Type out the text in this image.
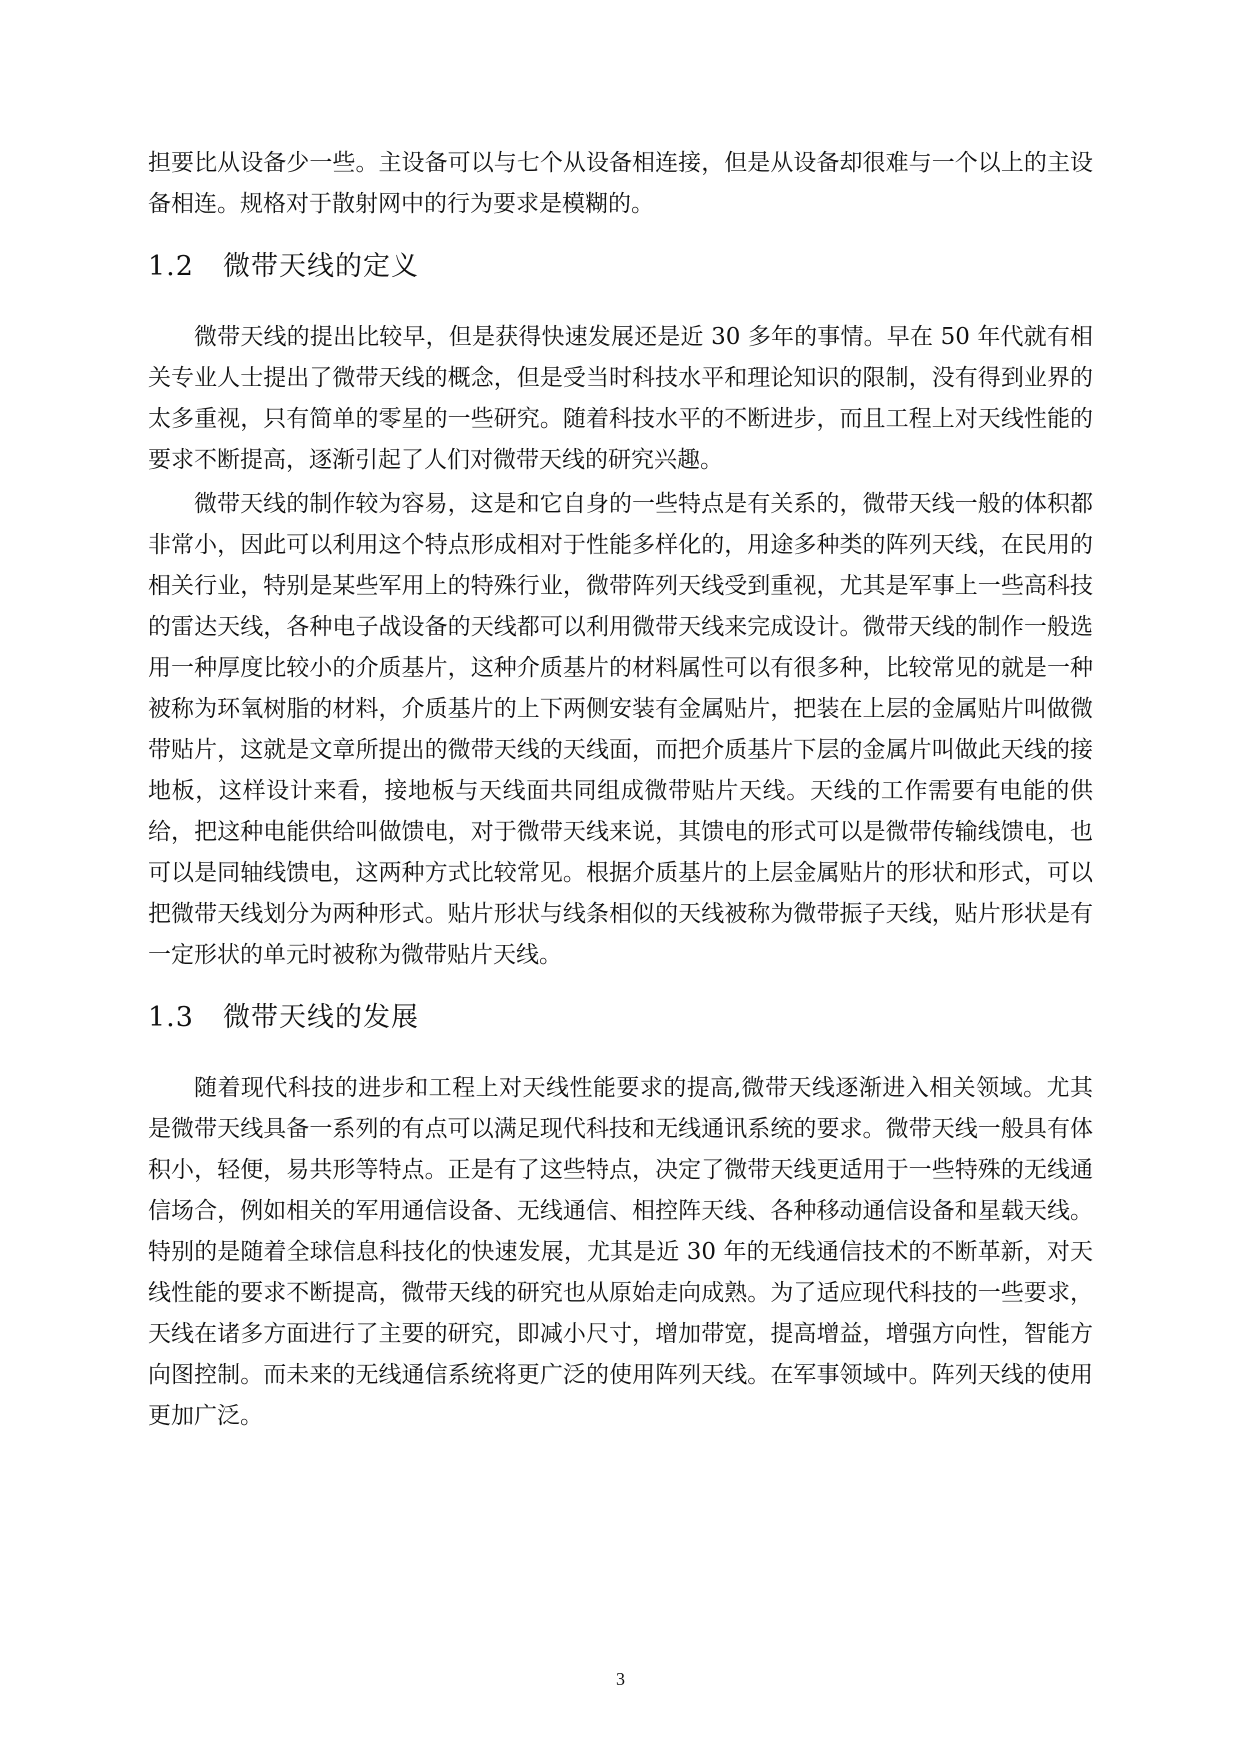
担要比从设备少一些。主设备可以与七个从设备相连接，但是从设备却很难与一个以上的主设备相连。规格对于散射网中的行为要求是模糊的。

1.2 微带天线的定义

微带天线的提出比较早，但是获得快速发展还是近 30 多年的事情。早在 50 年代就有相关专业人士提出了微带天线的概念，但是受当时科技水平和理论知识的限制，没有得到业界的太多重视，只有简单的零星的一些研究。随着科技水平的不断进步，而且工程上对天线性能的要求不断提高，逐渐引起了人们对微带天线的研究兴趣。

微带天线的制作较为容易，这是和它自身的一些特点是有关系的，微带天线一般的体积都非常小，因此可以利用这个特点形成相对于性能多样化的，用途多种类的阵列天线，在民用的相关行业，特别是某些军用上的特殊行业，微带阵列天线受到重视，尤其是军事上一些高科技的雷达天线，各种电子战设备的天线都可以利用微带天线来完成设计。微带天线的制作一般选用一种厚度比较小的介质基片，这种介质基片的材料属性可以有很多种，比较常见的就是一种被称为环氧树脂的材料，介质基片的上下两侧安装有金属贴片，把装在上层的金属贴片叫做微带贴片，这就是文章所提出的微带天线的天线面，而把介质基片下层的金属片叫做此天线的接地板，这样设计来看，接地板与天线面共同组成微带贴片天线。天线的工作需要有电能的供给，把这种电能供给叫做馈电，对于微带天线来说，其馈电的形式可以是微带传输线馈电，也可以是同轴线馈电，这两种方式比较常见。根据介质基片的上层金属贴片的形状和形式，可以把微带天线划分为两种形式。贴片形状与线条相似的天线被称为微带振子天线，贴片形状是有一定形状的单元时被称为微带贴片天线。

1.3 微带天线的发展

随着现代科技的进步和工程上对天线性能要求的提高,微带天线逐渐进入相关领域。尤其是微带天线具备一系列的有点可以满足现代科技和无线通讯系统的要求。微带天线一般具有体积小，轻便，易共形等特点。正是有了这些特点，决定了微带天线更适用于一些特殊的无线通信场合，例如相关的军用通信设备、无线通信、相控阵天线、各种移动通信设备和星载天线。特别的是随着全球信息科技化的快速发展，尤其是近 30 年的无线通信技术的不断革新，对天线性能的要求不断提高，微带天线的研究也从原始走向成熟。为了适应现代科技的一些要求，天线在诸多方面进行了主要的研究，即减小尺寸，增加带宽，提高增益，增强方向性，智能方向图控制。而未来的无线通信系统将更广泛的使用阵列天线。在军事领域中。阵列天线的使用更加广泛。

3
